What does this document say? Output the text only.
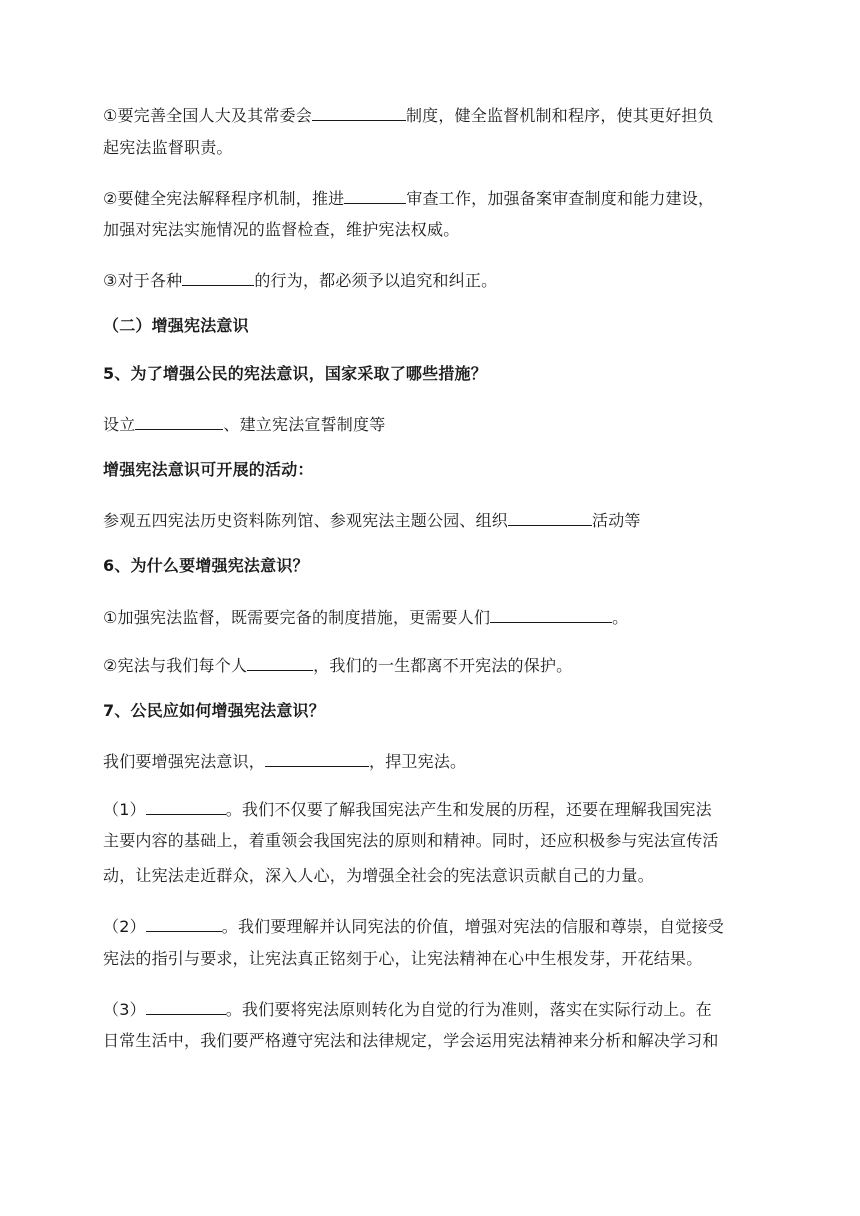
①要完善全国人大及其常委会	制度，健全监督机制和程序，使其更好担负

起宪法监督职责。

②要健全宪法解释程序机制，推进	审查工作，加强备案审查制度和能力建设，

加强对宪法实施情况的监督检查，维护宪法权威。

③对于各种	的行为，都必须予以追究和纠正。

（二）增强宪法意识

5、为了增强公民的宪法意识，国家采取了哪些措施？

设立	、建立宪法宣誓制度等

增强宪法意识可开展的活动：

参观五四宪法历史资料陈列馆、参观宪法主题公园、组织	活动等

6、为什么要增强宪法意识？

①加强宪法监督，既需要完备的制度措施，更需要人们	。

②宪法与我们每个人	，我们的一生都离不开宪法的保护。

7、公民应如何增强宪法意识？

我们要增强宪法意识，	，捍卫宪法。

（1）	。我们不仅要了解我国宪法产生和发展的历程，还要在理解我国宪法

主要内容的基础上，着重领会我国宪法的原则和精神。同时，还应积极参与宪法宣传活

动，让宪法走近群众，深入人心，为增强全社会的宪法意识贡献自己的力量。

（2）	。我们要理解并认同宪法的价值，增强对宪法的信服和尊崇，自觉接受

宪法的指引与要求，让宪法真正铭刻于心，让宪法精神在心中生根发芽，开花结果。

（3）	。我们要将宪法原则转化为自觉的行为准则，落实在实际行动上。在

日常生活中，我们要严格遵守宪法和法律规定，学会运用宪法精神来分析和解决学习和
